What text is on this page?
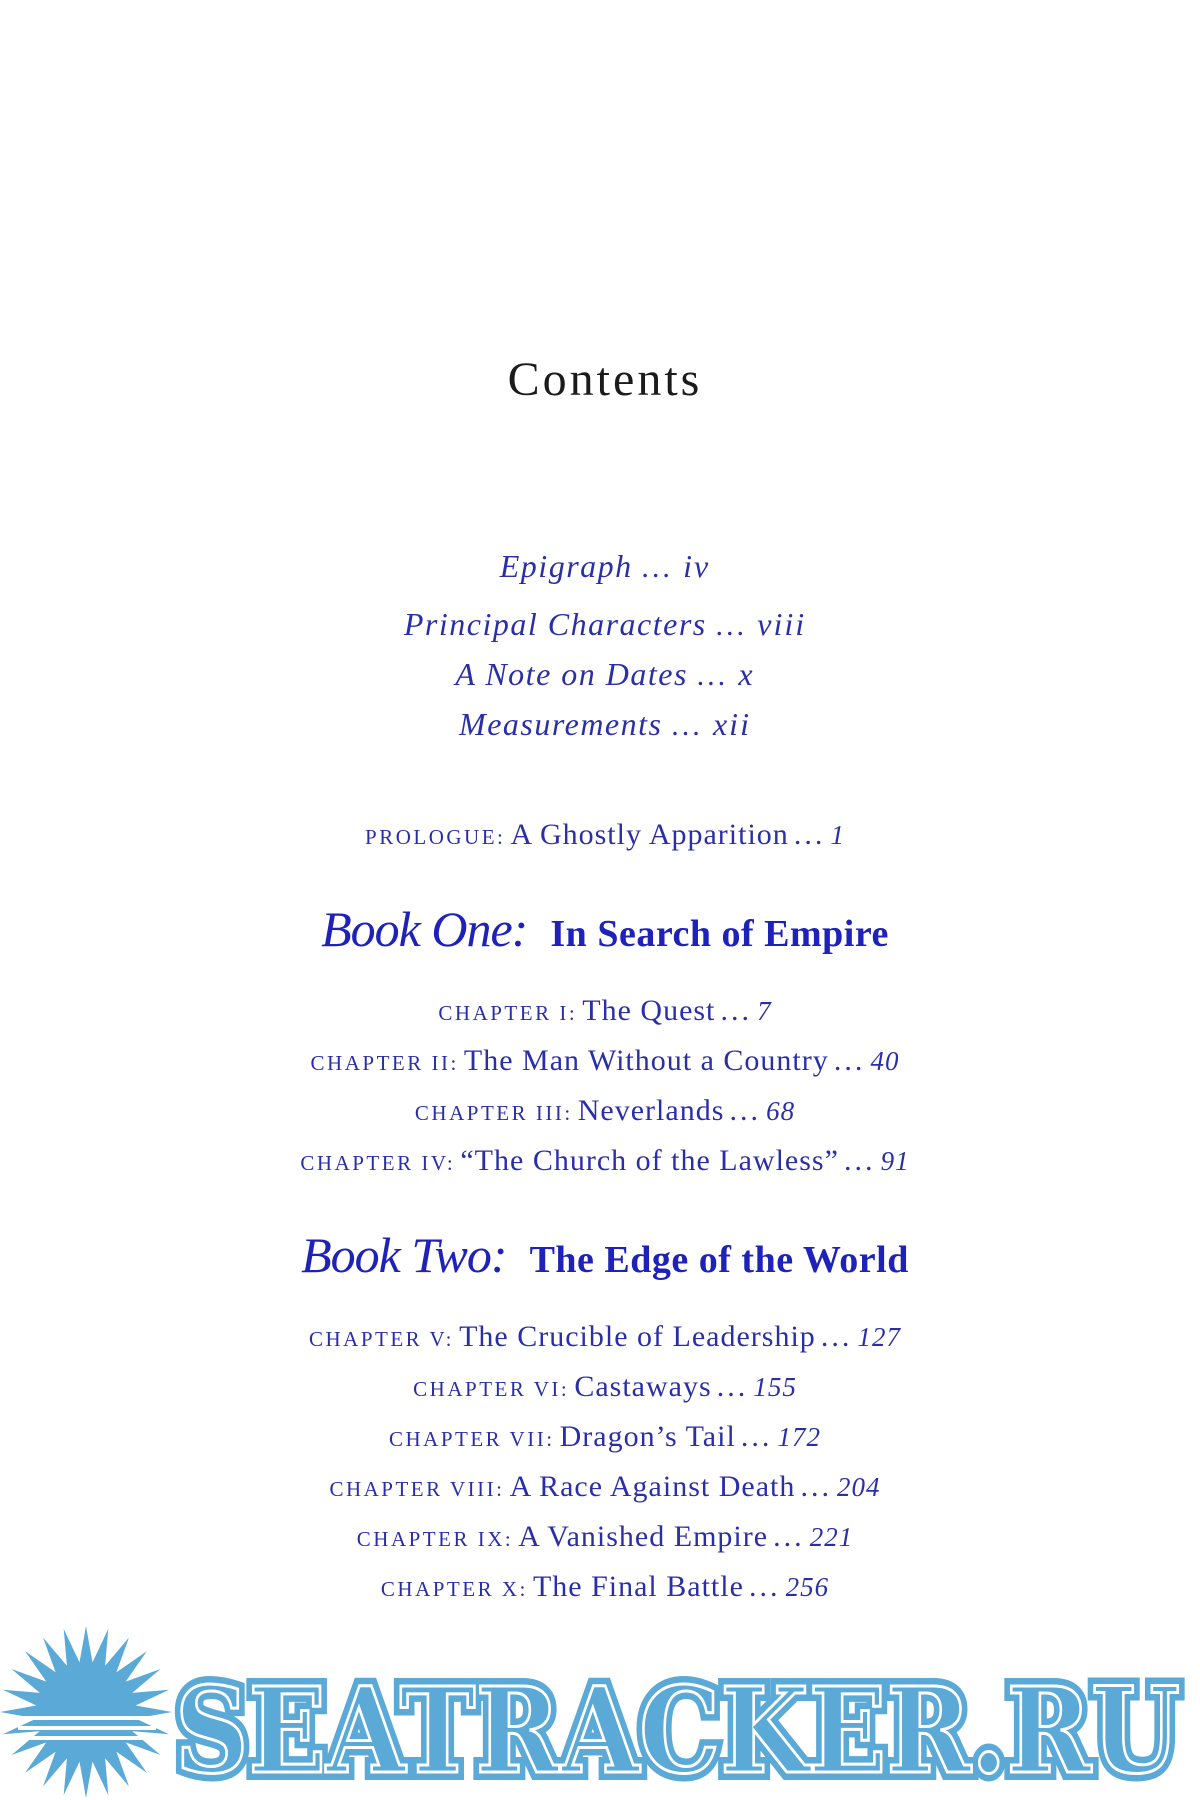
Contents
Epigraph ... iv
Principal Characters ... viii
A Note on Dates ... x
Measurements ... xii
PROLOGUE: A Ghostly Apparition ... 1
Book One: In Search of Empire
CHAPTER I: The Quest ... 7
CHAPTER II: The Man Without a Country ... 40
CHAPTER III: Neverlands ... 68
CHAPTER IV: “The Church of the Lawless” ... 91
Book Two: The Edge of the World
CHAPTER V: The Crucible of Leadership ... 127
CHAPTER VI: Castaways ... 155
CHAPTER VII: Dragon’s Tail ... 172
CHAPTER VIII: A Race Against Death ... 204
CHAPTER IX: A Vanished Empire ... 221
CHAPTER X: The Final Battle ... 256
SEATRACKER.RU
SEATRACKER.RU
